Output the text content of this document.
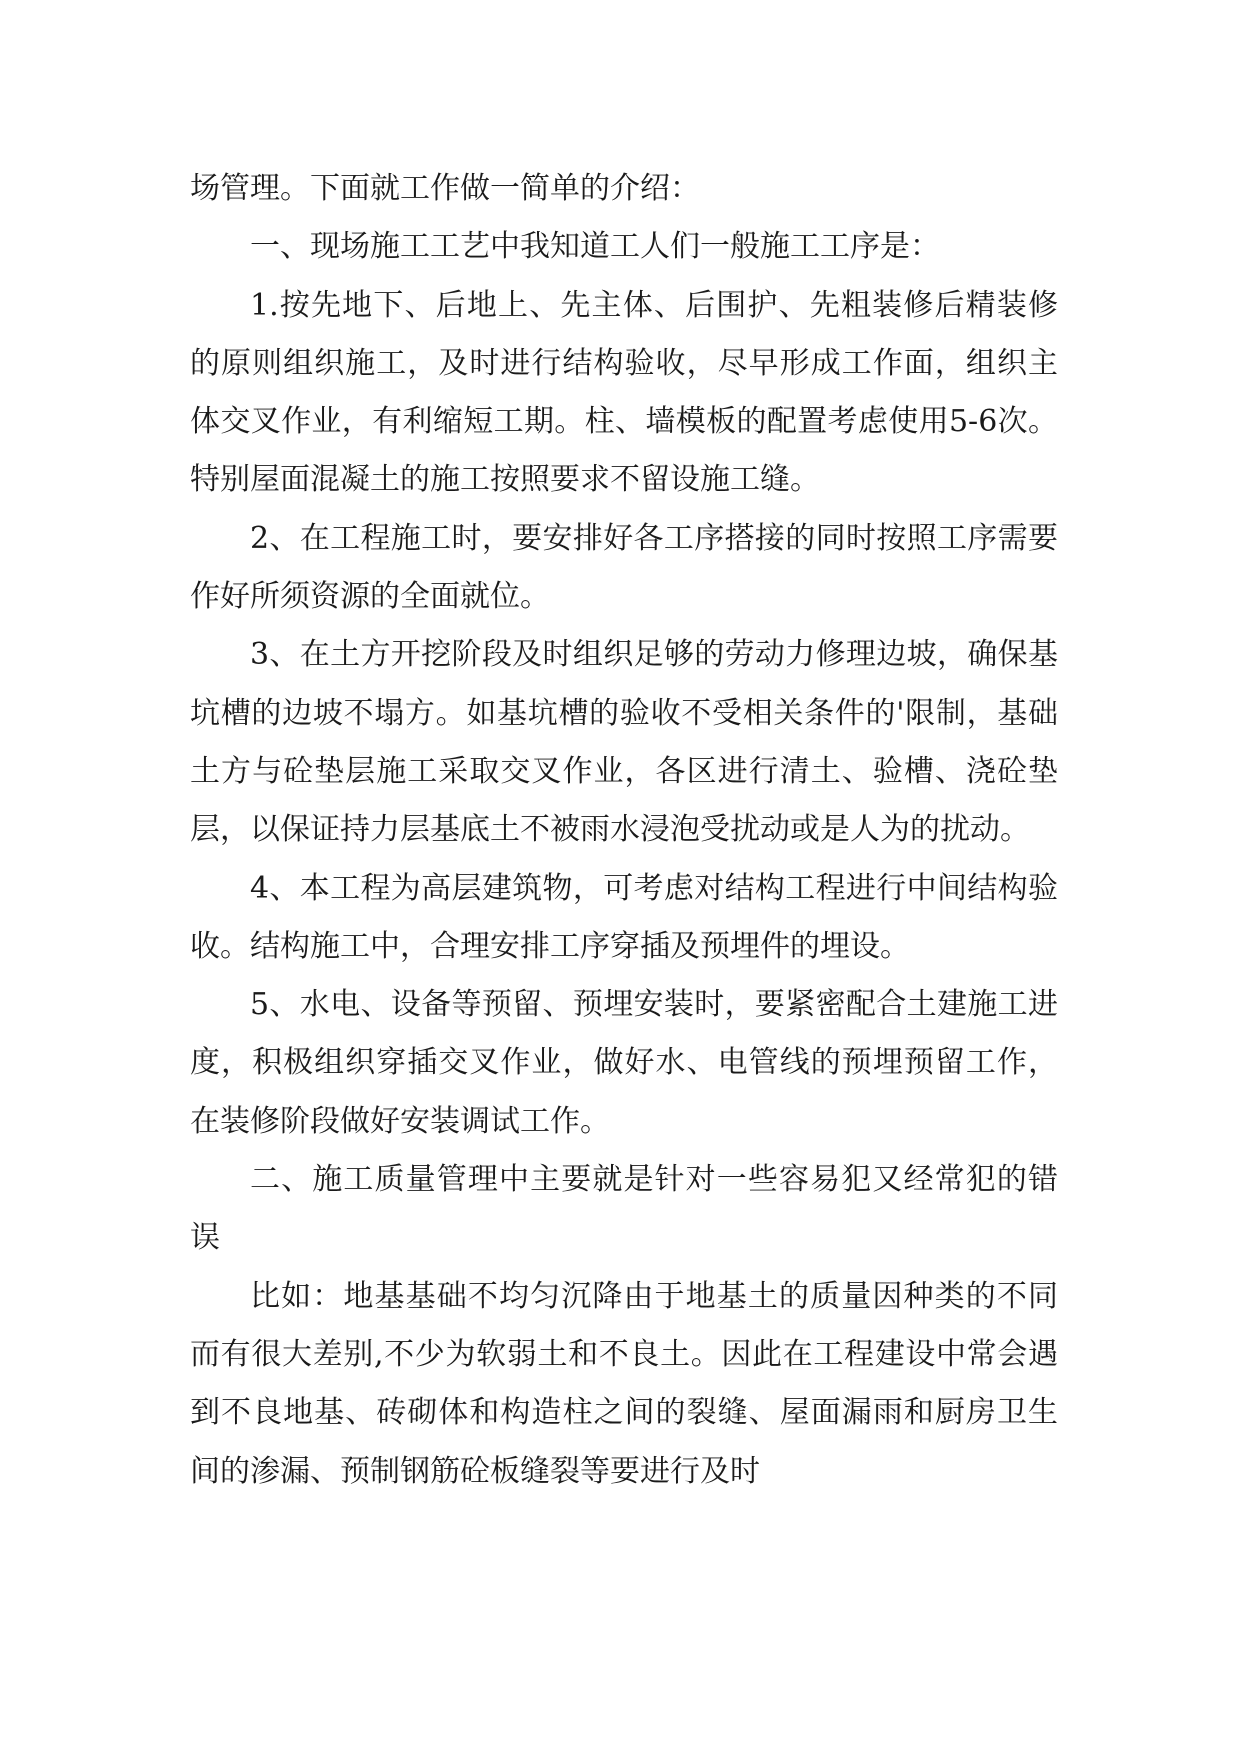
场管理。下面就工作做一简单的介绍：

一、现场施工工艺中我知道工人们一般施工工序是：

1.按先地下、后地上、先主体、后围护、先粗装修后精装修的原则组织施工，及时进行结构验收，尽早形成工作面，组织主体交叉作业，有利缩短工期。柱、墙模板的配置考虑使用5-6次。特别屋面混凝土的施工按照要求不留设施工缝。

2、在工程施工时，要安排好各工序搭接的同时按照工序需要作好所须资源的全面就位。

3、在土方开挖阶段及时组织足够的劳动力修理边坡，确保基坑槽的边坡不塌方。如基坑槽的验收不受相关条件的'限制，基础土方与砼垫层施工采取交叉作业，各区进行清土、验槽、浇砼垫层，以保证持力层基底土不被雨水浸泡受扰动或是人为的扰动。

4、本工程为高层建筑物，可考虑对结构工程进行中间结构验收。结构施工中，合理安排工序穿插及预埋件的埋设。

5、水电、设备等预留、预埋安装时，要紧密配合土建施工进度，积极组织穿插交叉作业，做好水、电管线的预埋预留工作，在装修阶段做好安装调试工作。

二、施工质量管理中主要就是针对一些容易犯又经常犯的错误

比如：地基基础不均匀沉降由于地基土的质量因种类的不同而有很大差别,不少为软弱土和不良土。因此在工程建设中常会遇到不良地基、砖砌体和构造柱之间的裂缝、屋面漏雨和厨房卫生间的渗漏、预制钢筋砼板缝裂等要进行及时
